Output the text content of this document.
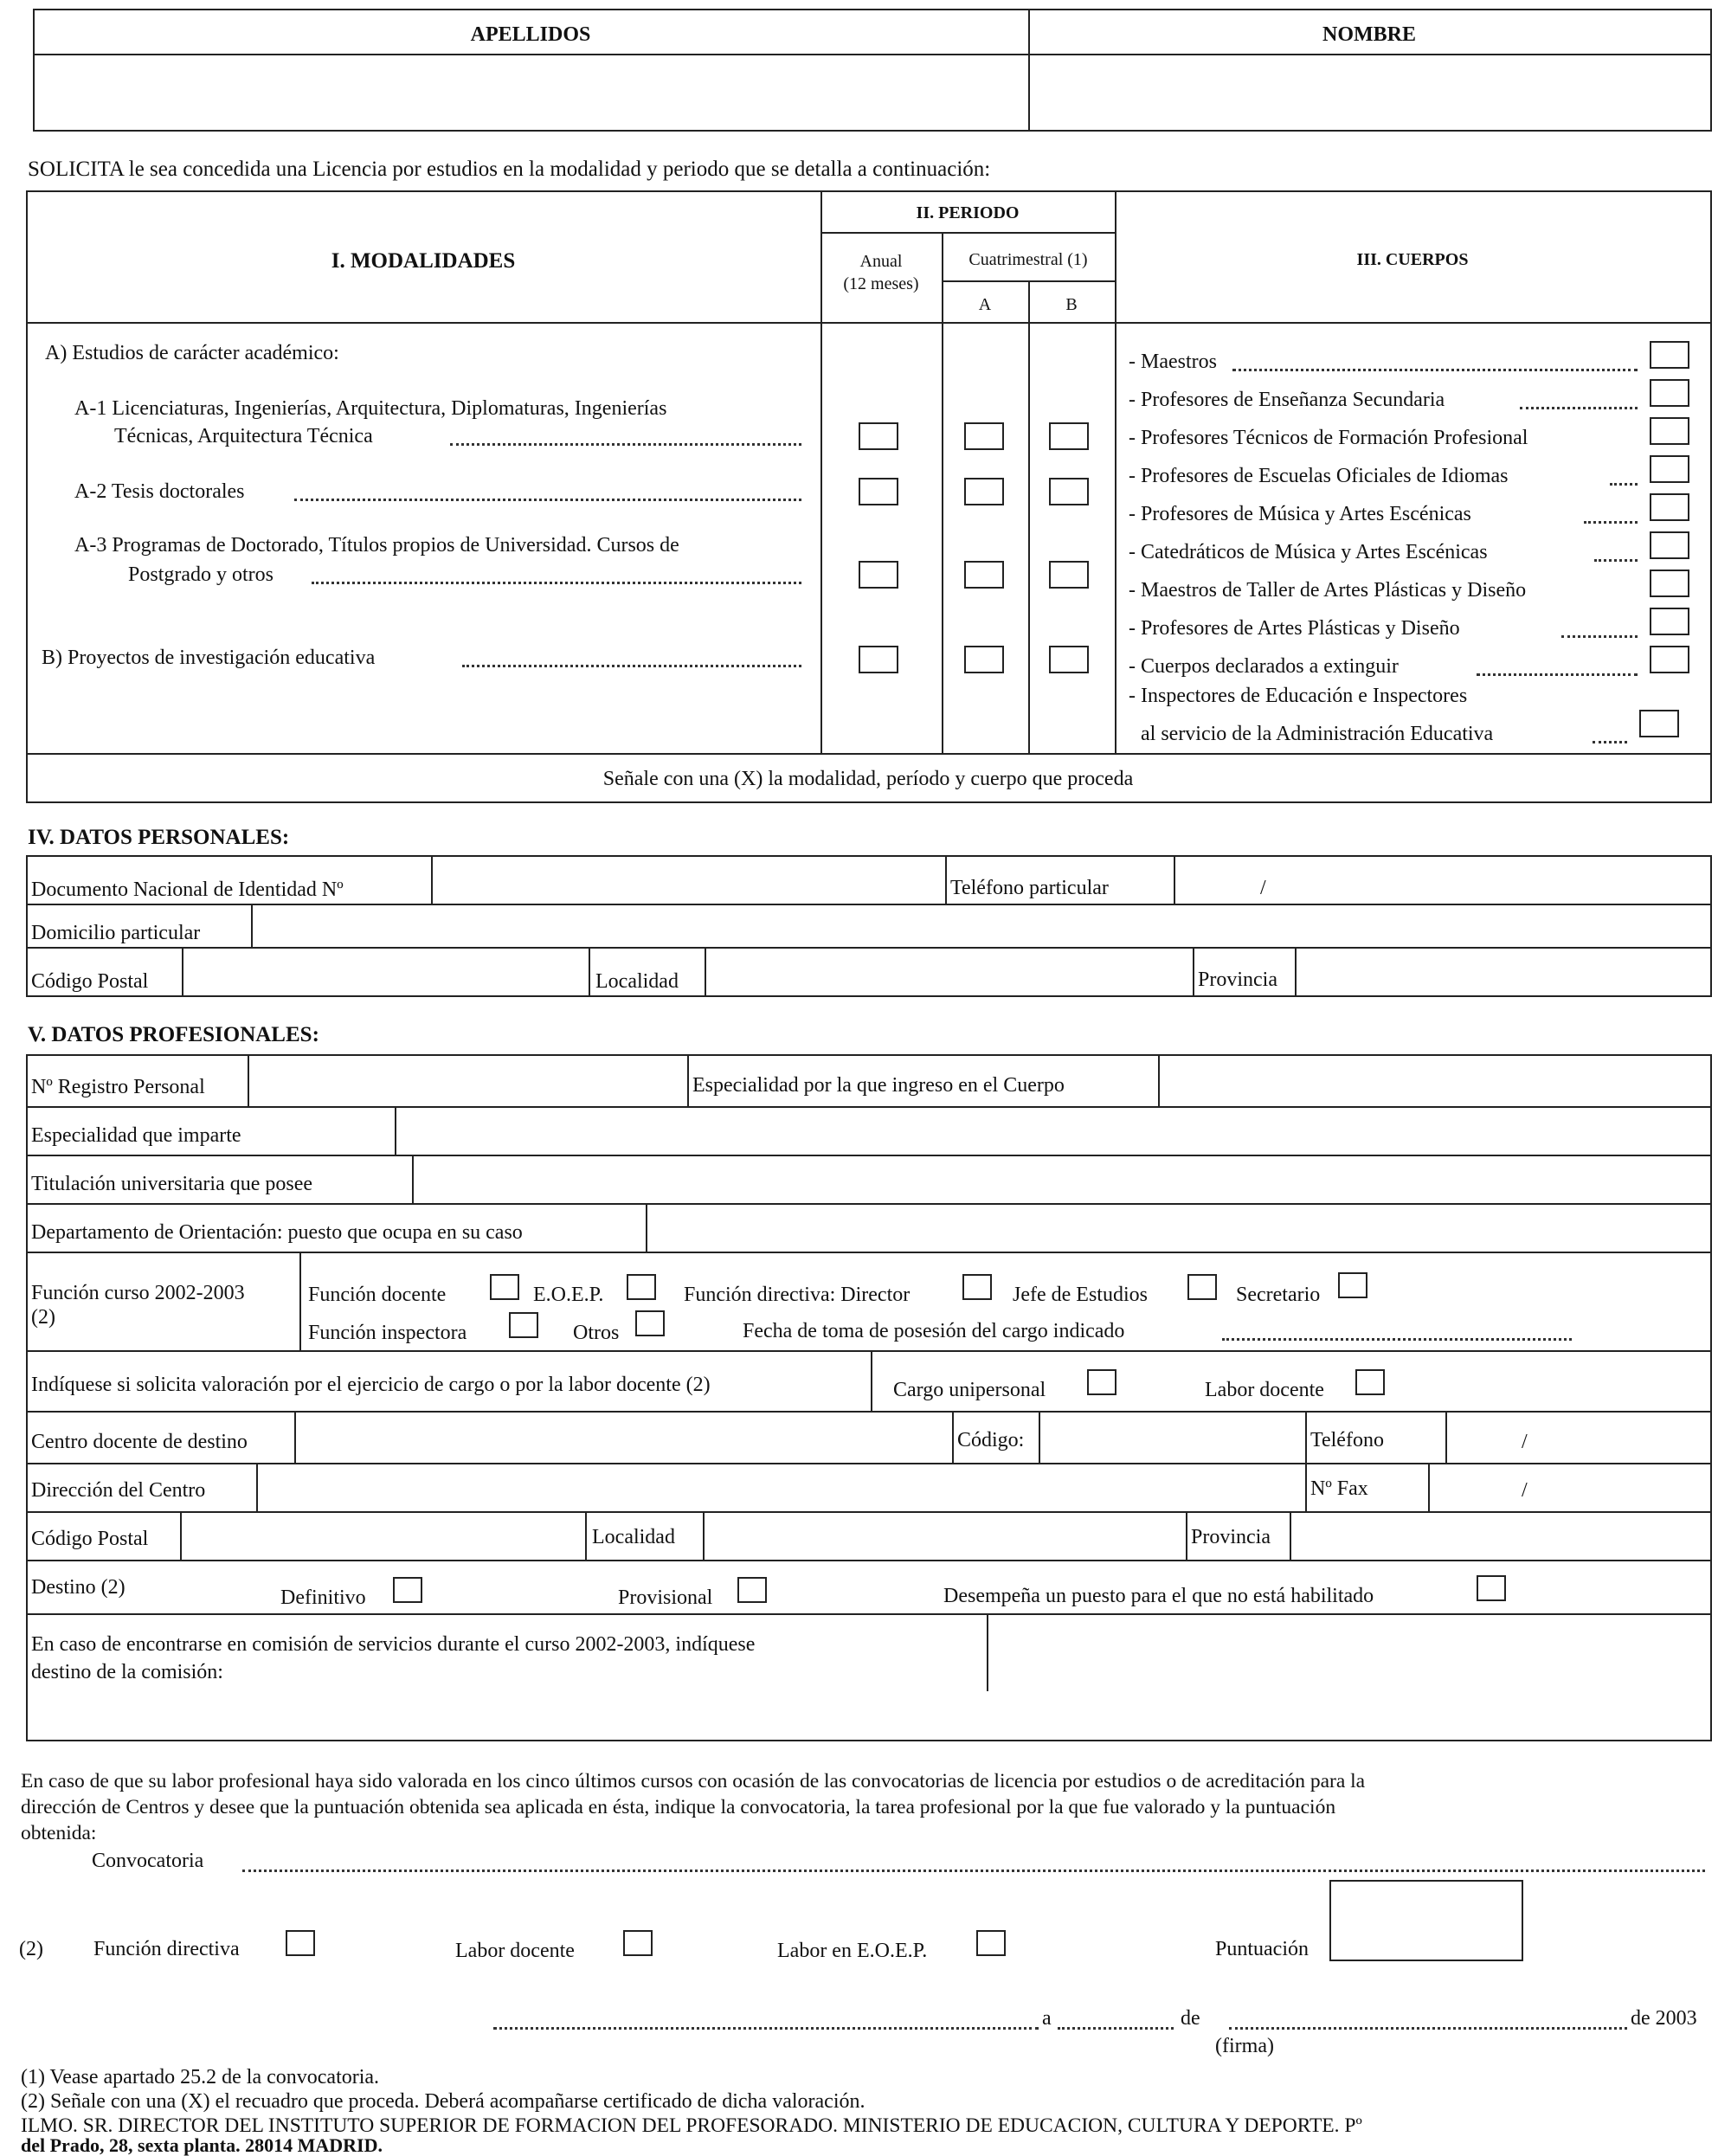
APELLIDOS	NOMBRE
SOLICITA le sea concedida una Licencia por estudios en la modalidad y periodo que se detalla a continuación:
I. MODALIDADES
II. PERIODO
III. CUERPOS
Anual
(12 meses)
Cuatrimestral (1)
A	B
A) Estudios de carácter académico:
A-1 Licenciaturas, Ingenierías, Arquitectura, Diplomaturas, Ingenierías
Técnicas, Arquitectura Técnica
A-2 Tesis doctorales
A-3 Programas de Doctorado, Títulos propios de Universidad. Cursos de
Postgrado y otros
B) Proyectos de investigación educativa
- Maestros
- Profesores de Enseñanza Secundaria
- Profesores Técnicos de Formación Profesional
- Profesores de Escuelas Oficiales de Idiomas
- Profesores de Música y Artes Escénicas
- Catedráticos de Música y Artes Escénicas
- Maestros de Taller de Artes Plásticas y Diseño
- Profesores de Artes Plásticas y Diseño
- Cuerpos declarados a extinguir
- Inspectores de Educación e Inspectores
al servicio de la Administración Educativa
Señale con una (X) la modalidad, período y cuerpo que proceda
IV. DATOS PERSONALES:
Documento Nacional de Identidad Nº	Teléfono particular	/
Domicilio particular
Código Postal	Localidad	Provincia
V. DATOS PROFESIONALES:
Nº Registro Personal	Especialidad por la que ingreso en el Cuerpo
Especialidad que imparte
Titulación universitaria que posee
Departamento de Orientación: puesto que ocupa en su caso
Función curso 2002-2003
(2)
Función docente	E.O.E.P.	Función directiva: Director	Jefe de Estudios	Secretario
Función inspectora	Otros	Fecha de toma de posesión del cargo indicado
Indíquese si solicita valoración por el ejercicio de cargo o por la labor docente (2)	Cargo unipersonal	Labor docente
Centro docente de destino	Código:	Teléfono	/
Dirección del Centro	Nº Fax	/
Código Postal	Localidad	Provincia
Destino (2)	Definitivo	Provisional	Desempeña un puesto para el que no está habilitado
En caso de encontrarse en comisión de servicios durante el curso 2002-2003, indíquese
destino de la comisión:
En caso de que su labor profesional haya sido valorada en los cinco últimos cursos con ocasión de las convocatorias de licencia por estudios o de acreditación para la
dirección de Centros y desee que la puntuación obtenida sea aplicada en ésta, indique la convocatoria, la tarea profesional por la que fue valorado y la puntuación
obtenida:
Convocatoria
(2) Función directiva	Labor docente	Labor en E.O.E.P.	Puntuación
a	de	de 2003
(firma)
(1) Vease apartado 25.2 de la convocatoria.
(2) Señale con una (X) el recuadro que proceda. Deberá acompañarse certificado de dicha valoración.
ILMO. SR. DIRECTOR DEL INSTITUTO SUPERIOR DE FORMACION DEL PROFESORADO. MINISTERIO DE EDUCACION, CULTURA Y DEPORTE. Pº
del Prado, 28, sexta planta. 28014 MADRID.
